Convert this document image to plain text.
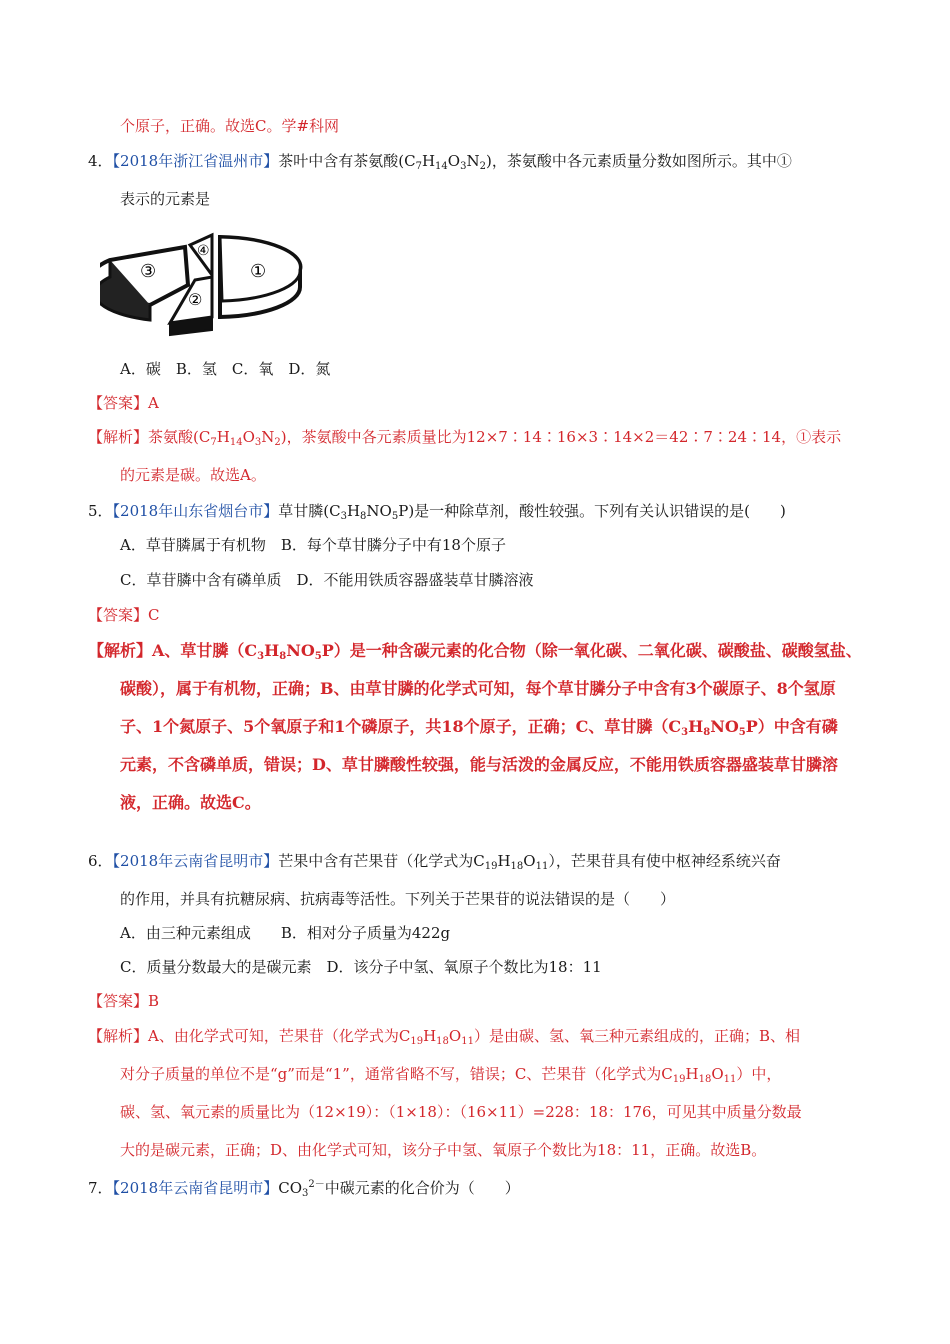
个原子，正确。故选C。学#科网
4．【2018年浙江省温州市】茶叶中含有茶氨酸$(C_7H_{14}O_3N_2)$，茶氨酸中各元素质量分数如图所示。其中①
表示的元素是
①
②
③
④
A．碳　B．氢　C．氧　D．氮
【答案】A
【解析】茶氨酸$(C_7H_{14}O_3N_2)$，茶氨酸中各元素质量比为12×7∶14∶16×3∶14×2＝42∶7∶24∶14，①表示
的元素是碳。故选A。
5．【2018年山东省烟台市】草甘膦$(C_3H_8NO_5P)$是一种除草剂，酸性较强。下列有关认识错误的是(　　)
A．草苷膦属于有机物　B．每个草甘膦分子中有18个原子
C．草苷膦中含有磷单质　D．不能用铁质容器盛装草甘膦溶液
【答案】C
【解析】A、草甘膦$(C_3H_8NO_5P)$是一种含碳元素的化合物（除一氧化碳、二氧化碳、碳酸盐、碳酸氢盐、
碳酸），属于有机物，正确；B、由草甘膦的化学式可知，每个草甘膦分子中含有3个碳原子、8个氢原
子、1个氮原子、5个氧原子和1个磷原子，共18个原子，正确；C、草甘膦$(C_3H_8NO_5P)$中含有磷
元素，不含磷单质，错误；D、草甘膦酸性较强，能与活泼的金属反应，不能用铁质容器盛装草甘膦溶
液，正确。故选C。
6．【2018年云南省昆明市】芒果中含有芒果苷（化学式为$C_{19}H_{18}O_{11}$），芒果苷具有使中枢神经系统兴奋
的作用，并具有抗糖尿病、抗病毒等活性。下列关于芒果苷的说法错误的是（　　）
A．由三种元素组成　　B．相对分子质量为422g
C．质量分数最大的是碳元素　D．该分子中氢、氧原子个数比为18：11
【答案】B
【解析】A、由化学式可知，芒果苷（化学式为$C_{19}H_{18}O_{11}$）是由碳、氢、氧三种元素组成的，正确；B、相
对分子质量的单位不是“g”而是“1”，通常省略不写，错误；C、芒果苷（化学式为$C_{19}H_{18}O_{11}$）中，
碳、氢、氧元素的质量比为（12×19）：（1×18）：（16×11）=228：18：176，可见其中质量分数最
大的是碳元素，正确；D、由化学式可知，该分子中氢、氧原子个数比为18：11，正确。故选B。
7．【2018年云南省昆明市】$CO_3^{2-}$中碳元素的化合价为（　　）
